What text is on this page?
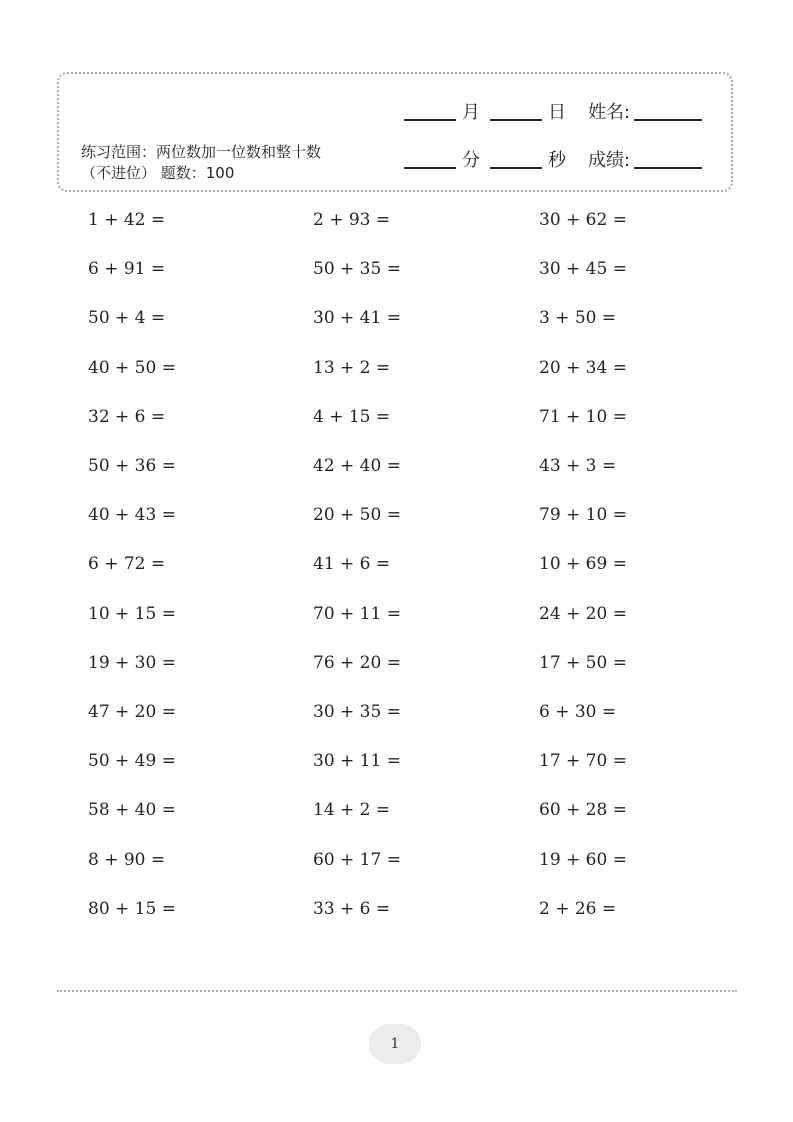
月	日 姓名:
分	秒 成绩:
练习范围：两位数加一位数和整十数（不进位） 题数：100
1 + 42 =	2 + 93 =	30 + 62 =
6 + 91 =	50 + 35 =	30 + 45 =
50 + 4 =	30 + 41 =	3 + 50 =
40 + 50 =	13 + 2 =	20 + 34 =
32 + 6 =	4 + 15 =	71 + 10 =
50 + 36 =	42 + 40 =	43 + 3 =
40 + 43 =	20 + 50 =	79 + 10 =
6 + 72 =	41 + 6 =	10 + 69 =
10 + 15 =	70 + 11 =	24 + 20 =
19 + 30 =	76 + 20 =	17 + 50 =
47 + 20 =	30 + 35 =	6 + 30 =
50 + 49 =	30 + 11 =	17 + 70 =
58 + 40 =	14 + 2 =	60 + 28 =
8 + 90 =	60 + 17 =	19 + 60 =
80 + 15 =	33 + 6 =	2 + 26 =
1
